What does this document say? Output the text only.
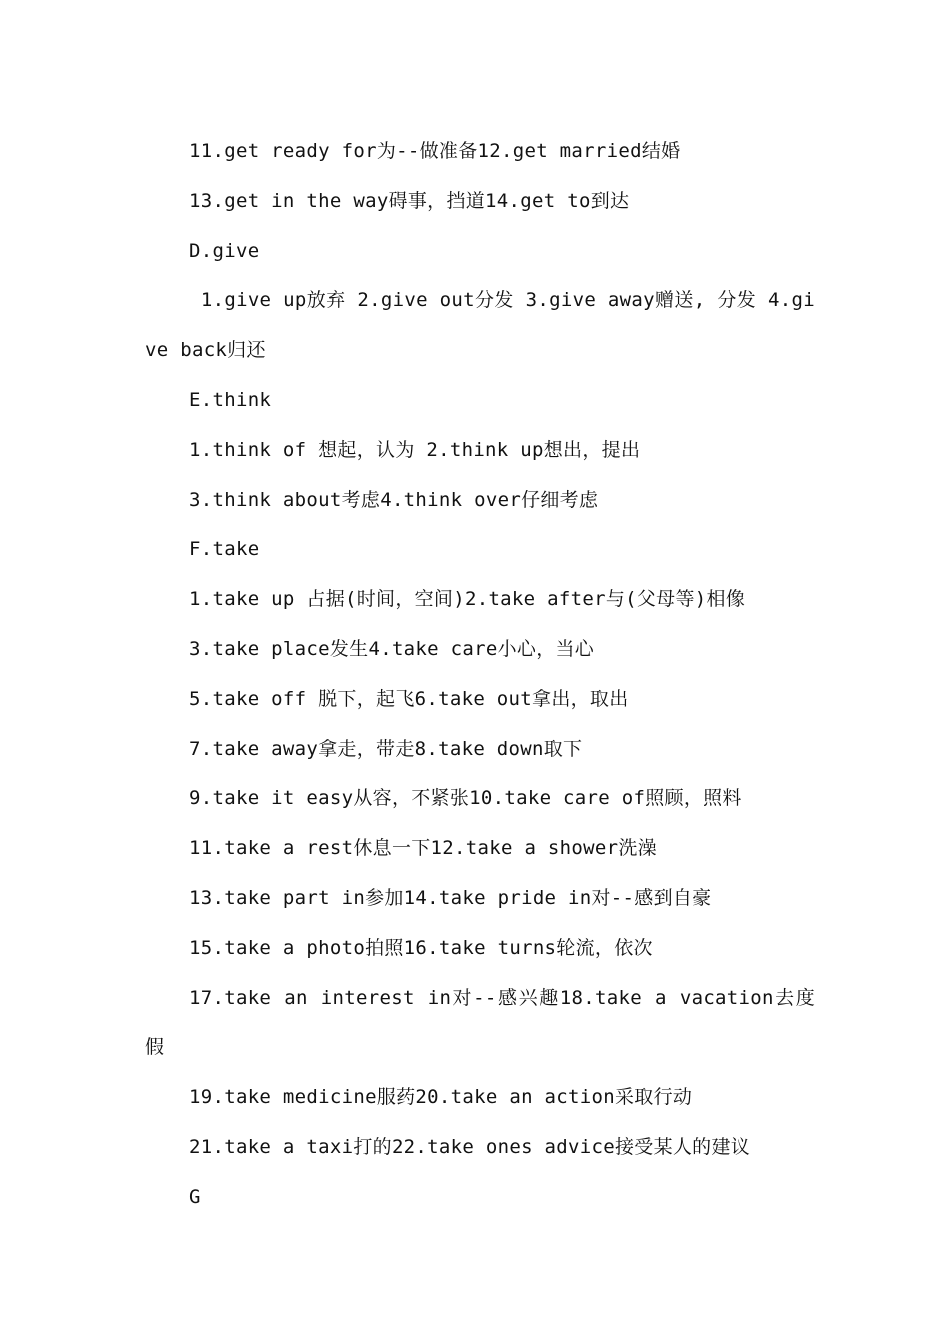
11.get ready for为--做准备12.get married结婚

13.get in the way碍事，挡道14.get to到达

D.give

1.give up放弃 2.give out分发 3.give away赠送, 分发 4.give back归还

E.think

1.think of 想起，认为 2.think up想出，提出

3.think about考虑4.think over仔细考虑

F.take

1.take up 占据(时间，空间)2.take after与(父母等)相像

3.take place发生4.take care小心，当心

5.take off 脱下，起飞6.take out拿出，取出

7.take away拿走，带走8.take down取下

9.take it easy从容，不紧张10.take care of照顾，照料

11.take a rest休息一下12.take a shower洗澡

13.take part in参加14.take pride in对--感到自豪

15.take a photo拍照16.take turns轮流，依次

17.take an interest in对--感兴趣18.take a vacation去度假

19.take medicine服药20.take an action采取行动

21.take a taxi打的22.take ones advice接受某人的建议

G
